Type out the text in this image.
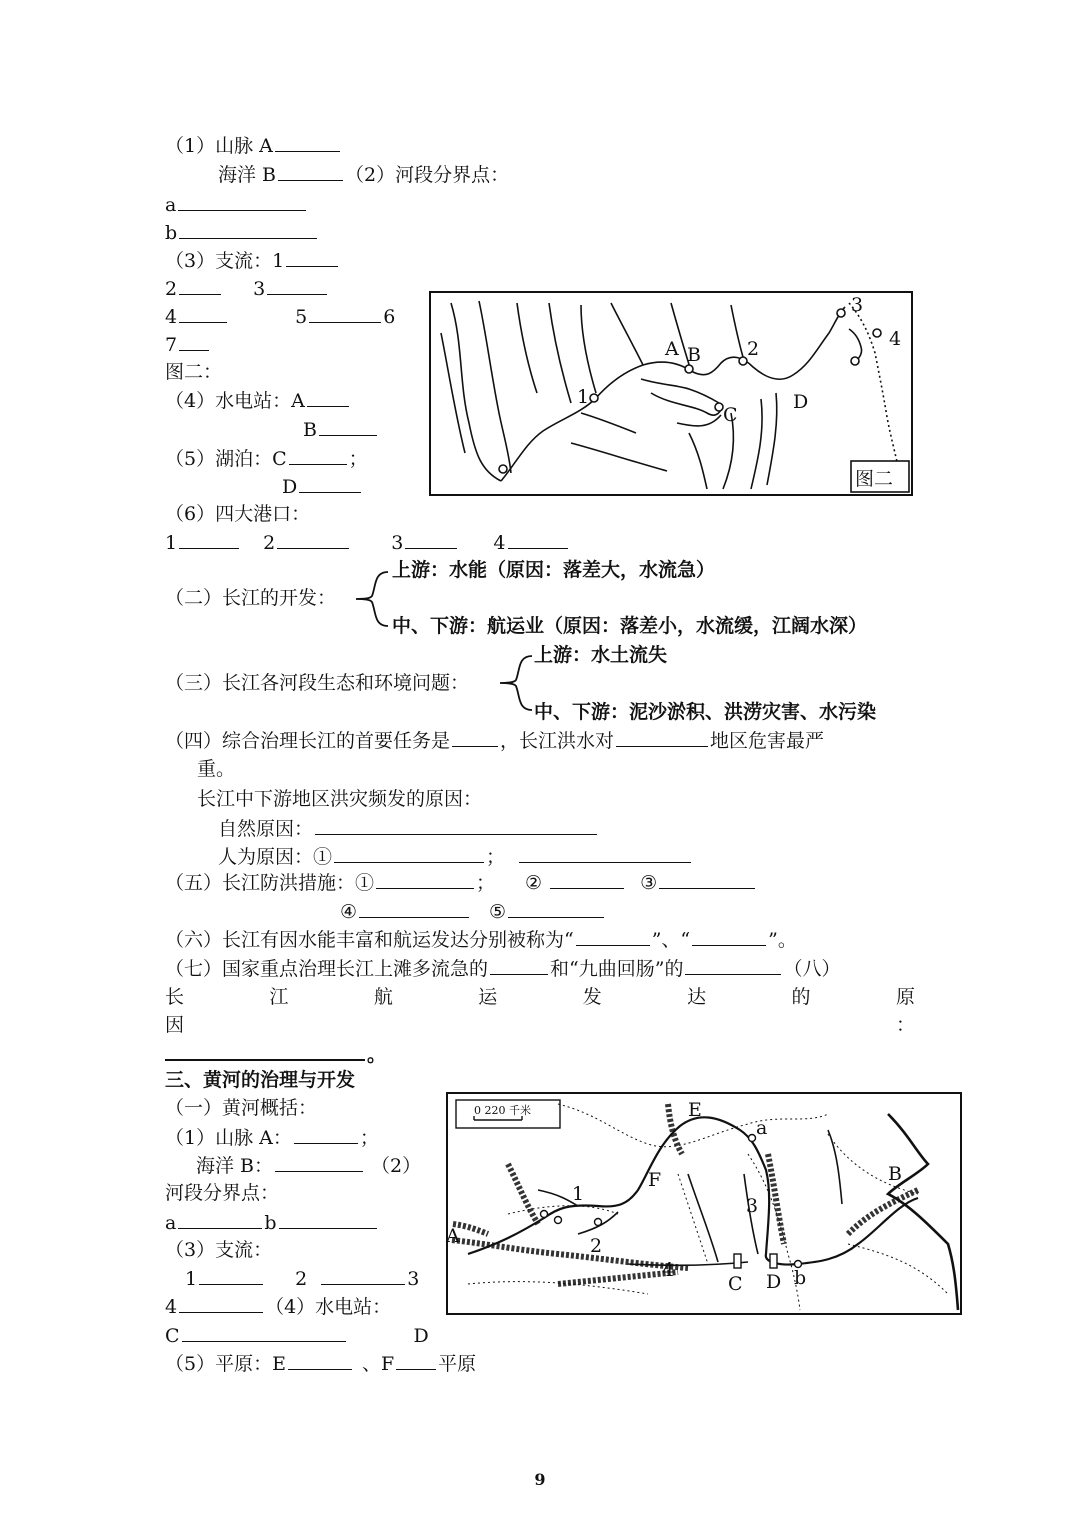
（1）山脉 A
海洋 B	（2）河段分界点：
a
b
（3）支流：1
2	3
4	5	6
7
图二：
（4）水电站：A
B
（5）湖泊：C	；
D
（6）四大港口：
1	2	3	4
A B
C
D
1
2
3
4
图二
（二）长江的开发：
上游：水能（原因：落差大，水流急）
中、下游：航运业（原因：落差小，水流缓，江阔水深）
（三）长江各河段生态和环境问题：
上游：水土流失
中、下游：泥沙淤积、洪涝灾害、水污染
（四）综合治理长江的首要任务是	，长江洪水对	地区危害最严
重。
长江中下游地区洪灾频发的原因：
自然原因：
人为原因：①	；
（五）长江防洪措施：①	； ②	③
④	⑤
（六）长江有因水能丰富和航运发达分别被称为“	”、“	”。
（七）国家重点治理长江上滩多流急的	和“九曲回肠”的	（八）
长	江	航	运	发	达	的	原
因	：
。
三、黄河的治理与开发
（一）黄河概括：
（1）山脉 A：	；
海洋 B：	（2）
河段分界点：
a	b
（3）支流：
1	2	3
4	（4）水电站：
C	D
（5）平原：E	、F 平原
0 220 千米
A
B
C D
E
F
a
b
1
2
3
4
9
